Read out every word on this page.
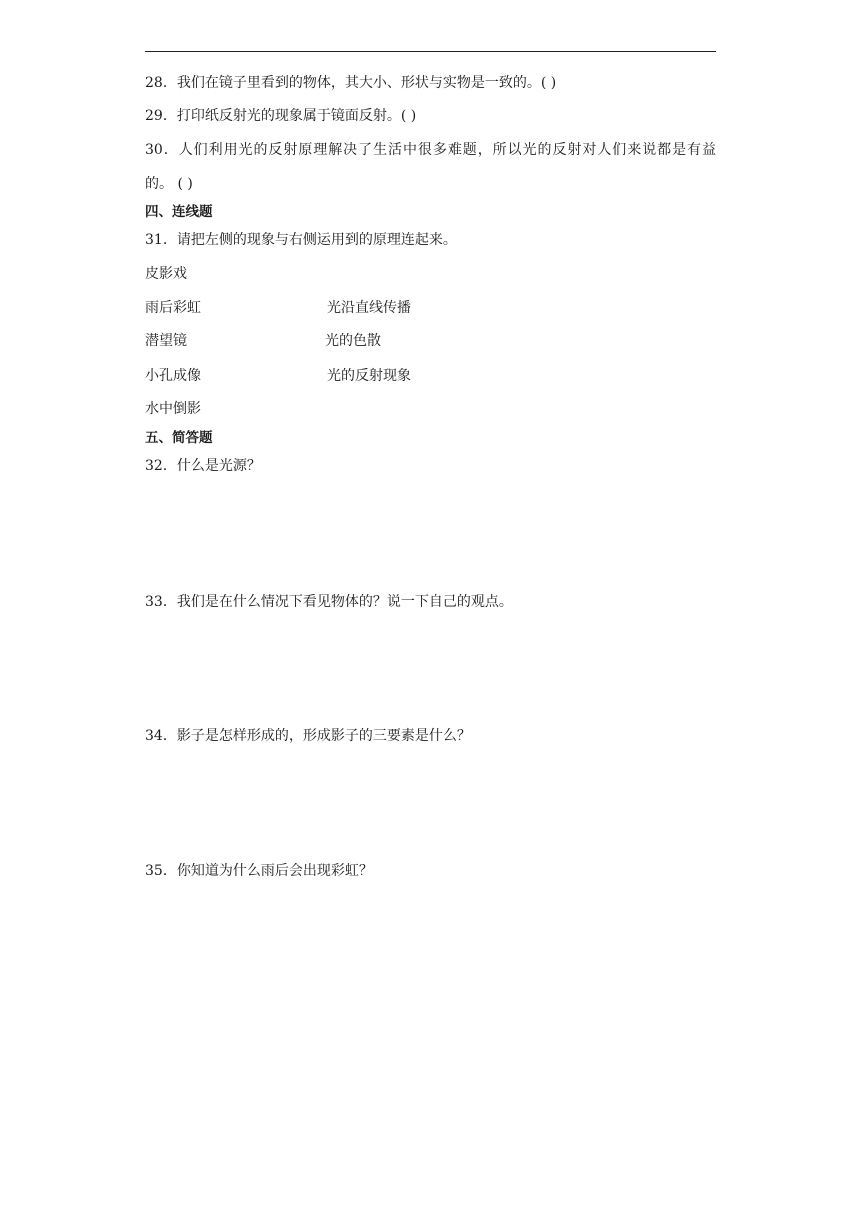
28．我们在镜子里看到的物体，其大小、形状与实物是一致的。( )
29．打印纸反射光的现象属于镜面反射。( )
30．人们利用光的反射原理解决了生活中很多难题，所以光的反射对人们来说都是有益
的。 ( )
四、连线题
31．请把左侧的现象与右侧运用到的原理连起来。
皮影戏
雨后彩虹
潜望镜
小孔成像
水中倒影
光沿直线传播
光的色散
光的反射现象
五、简答题
32．什么是光源？
33．我们是在什么情况下看见物体的？说一下自己的观点。
34．影子是怎样形成的，形成影子的三要素是什么？
35．你知道为什么雨后会出现彩虹？
